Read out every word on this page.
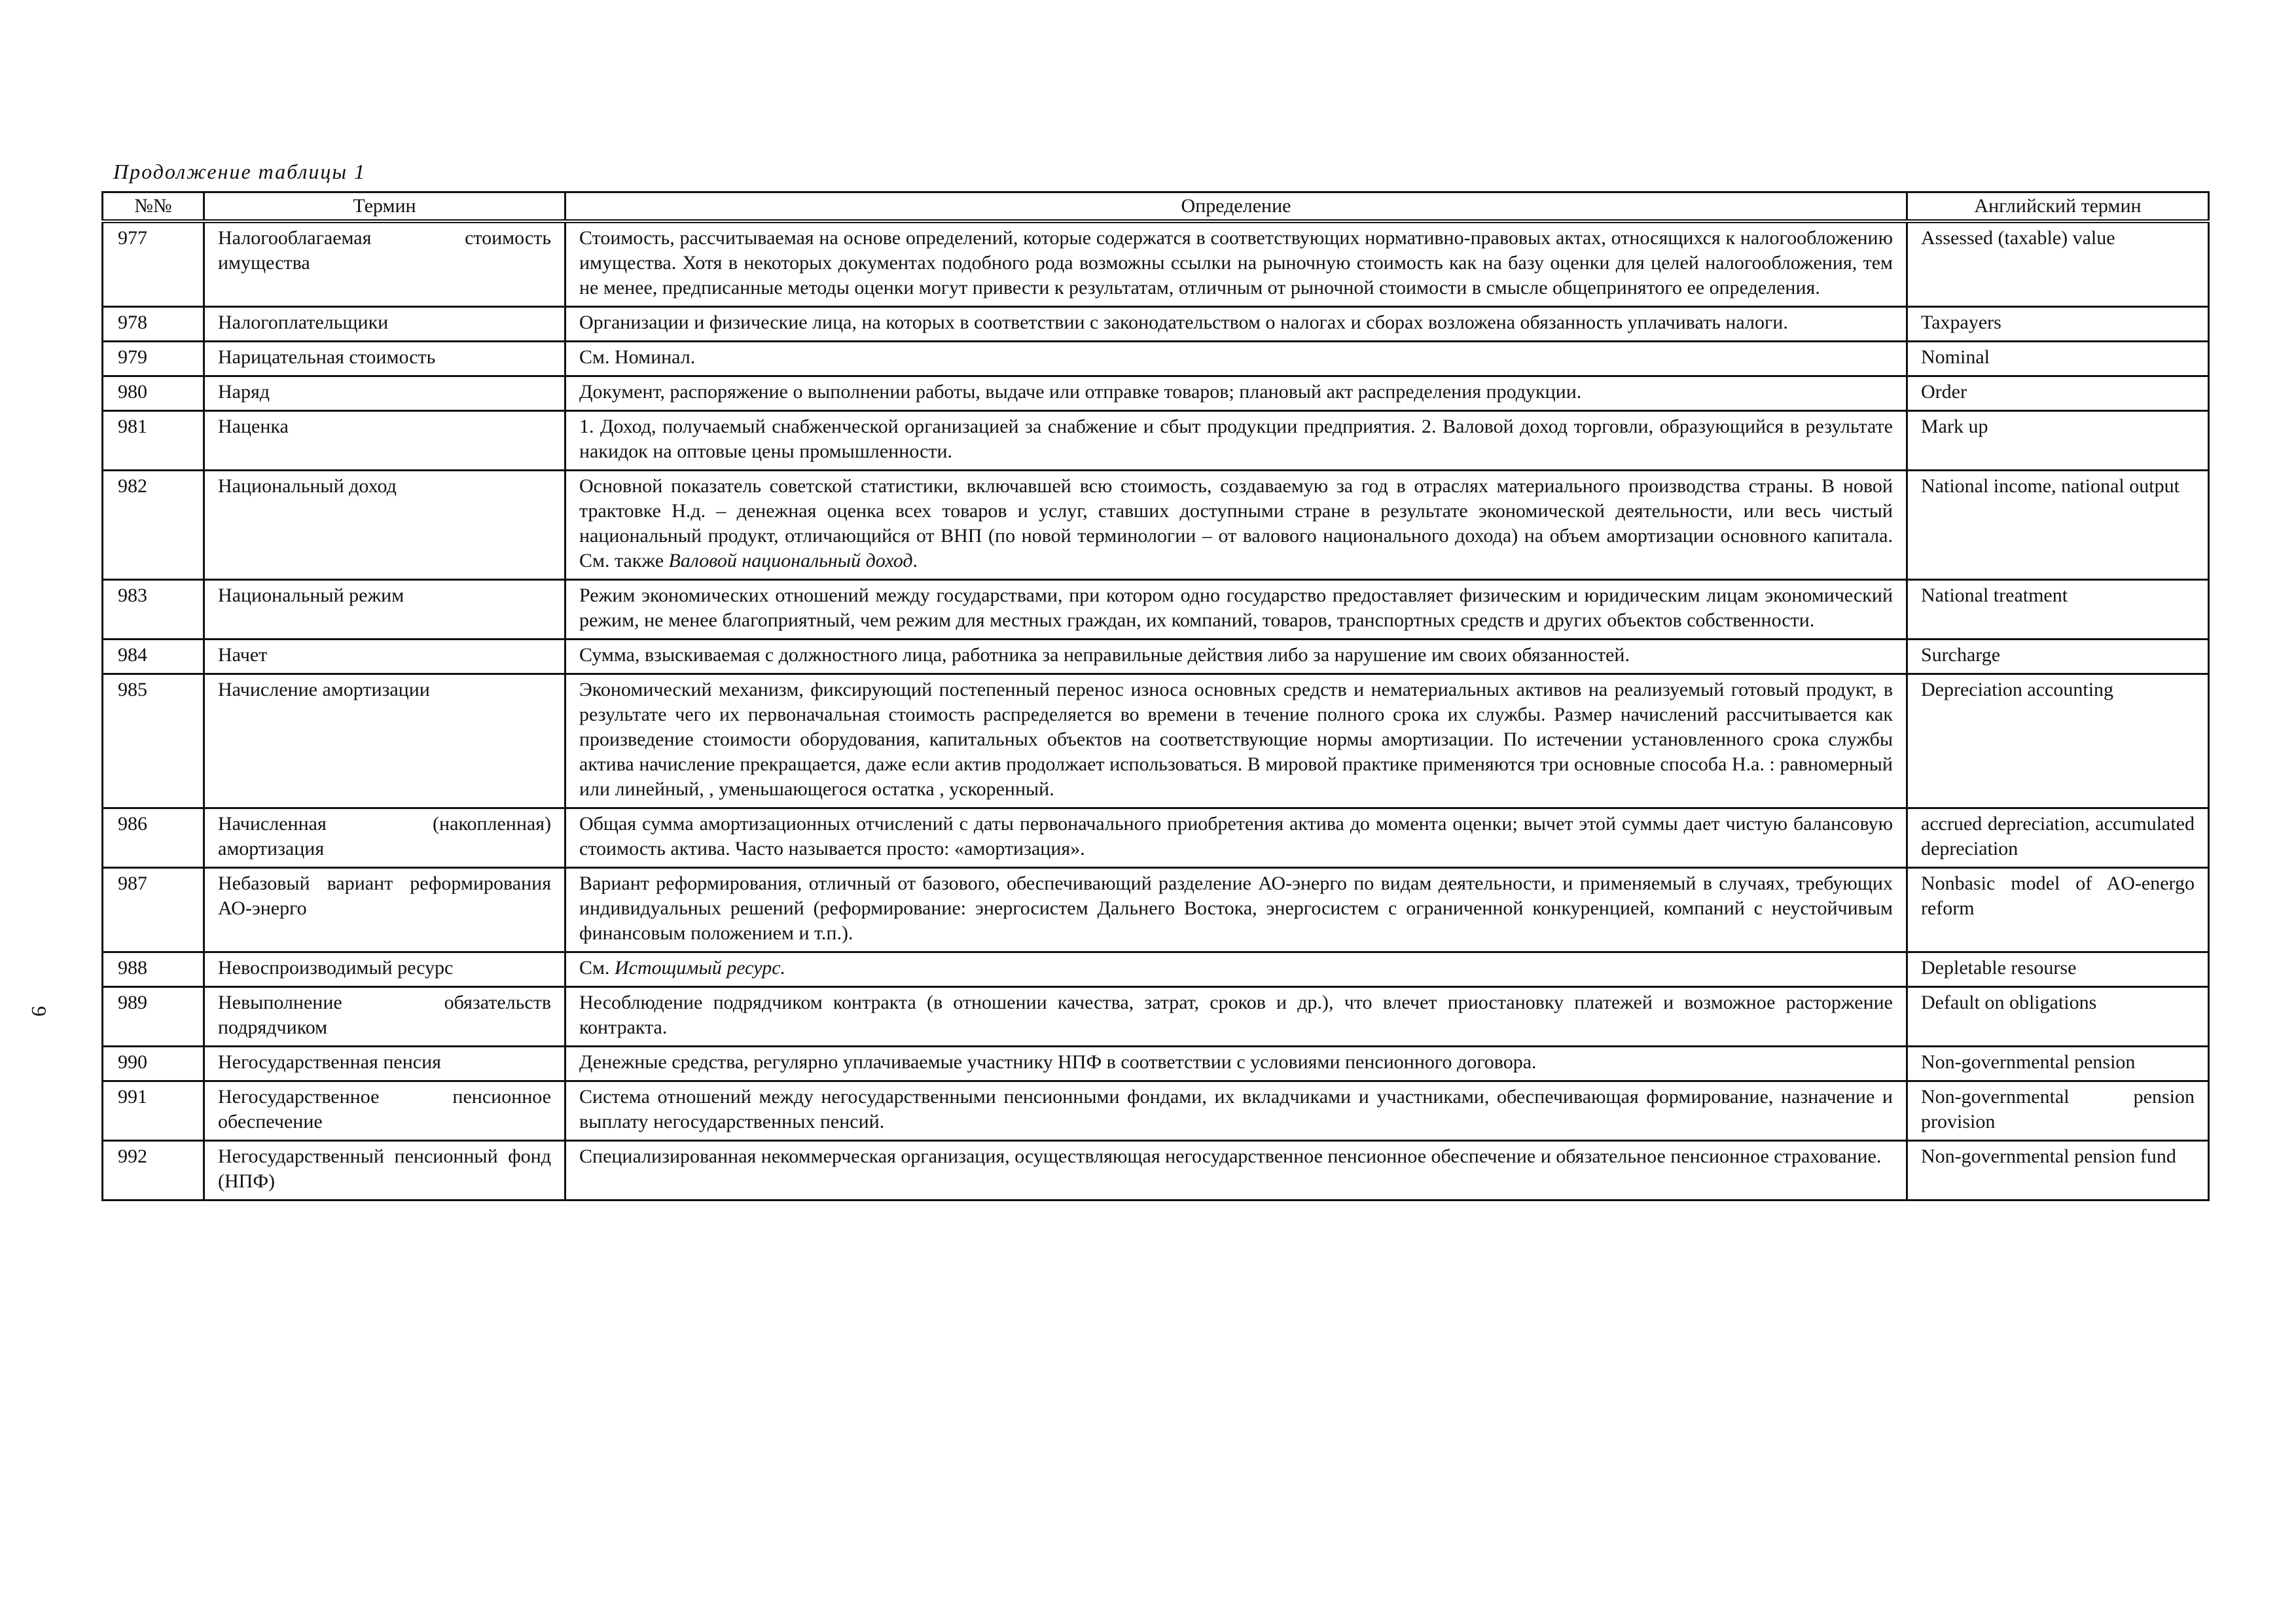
9
Продолжение таблицы 1
№№	Термин	Определение	Английский термин
977	Налогооблагаемая стоимость имущества	Стоимость, рассчитываемая на основе определений, которые содержатся в соответствующих нормативно-правовых актах, относящихся к налогообложению имущества. Хотя в некоторых документах подобного рода возможны ссылки на рыночную стоимость как на базу оценки для целей налогообложения, тем не менее, предписанные методы оценки могут привести к результатам, отличным от рыночной стоимости в смысле общепринятого ее определения.	Assessed (taxable) value
978	Налогоплательщики	Организации и физические лица, на которых в соответствии с законодательством о налогах и сборах возложена обязанность уплачивать налоги.	Taxpayers
979	Нарицательная стоимость	См. Номинал.	Nominal
980	Наряд	Документ, распоряжение о выполнении работы, выдаче или отправке товаров; плановый акт распределения продукции.	Order
981	Наценка	1. Доход, получаемый снабженческой организацией за снабжение и сбыт продукции предприятия. 2. Валовой доход торговли, образующийся в результате накидок на оптовые цены промышленности.	Mark up
982	Национальный доход	Основной показатель советской статистики, включавшей всю стоимость, создаваемую за год в отраслях материального производства страны. В новой трактовке Н.д. – денежная оценка всех товаров и услуг, ставших доступными стране в результате экономической деятельности, или весь чистый национальный продукт, отличающийся от ВНП (по новой терминологии – от валового национального дохода) на объем амортизации основного капитала. См. также Валовой национальный доход.	National income, national output
983	Национальный режим	Режим экономических отношений между государствами, при котором одно государство предоставляет физическим и юридическим лицам экономический режим, не менее благоприятный, чем режим для местных граждан, их компаний, товаров, транспортных средств и других объектов собственности.	National treatment
984	Начет	Сумма, взыскиваемая с должностного лица, работника за неправильные действия либо за нарушение им своих обязанностей.	Surcharge
985	Начисление амортизации	Экономический механизм, фиксирующий постепенный перенос износа основных средств и нематериальных активов на реализуемый готовый продукт, в результате чего их первоначальная стоимость распределяется во времени в течение полного срока их службы. Размер начислений рассчитывается как произведение стоимости оборудования, капитальных объектов на соответствующие нормы амортизации. По истечении установленного срока службы актива начисление прекращается, даже если актив продолжает использоваться. В мировой практике применяются три основные способа Н.а. : равномерный или линейный, , уменьшающегося остатка , ускоренный.	Depreciation accounting
986	Начисленная (накопленная) амортизация	Общая сумма амортизационных отчислений с даты первоначального приобретения актива до момента оценки; вычет этой суммы дает чистую балансовую стоимость актива. Часто называется просто: «амортизация».	accrued depreciation, accumulated depreciation
987	Небазовый вариант реформирования АО-энерго	Вариант реформирования, отличный от базового, обеспечивающий разделение АО-энерго по видам деятельности, и применяемый в случаях, требующих индивидуальных решений (реформирование: энергосистем Дальнего Востока, энергосистем с ограниченной конкуренцией, компаний с неустойчивым финансовым положением и т.п.).	Nonbasic model of AO-energo reform
988	Невоспроизводимый ресурс	См. Истощимый ресурс.	Depletable resourse
989	Невыполнение обязательств подрядчиком	Несоблюдение подрядчиком контракта (в отношении качества, затрат, сроков и др.), что влечет приостановку платежей и возможное расторжение контракта.	Default on obligations
990	Негосударственная пенсия	Денежные средства, регулярно уплачиваемые участнику НПФ в соответствии с условиями пенсионного договора.	Non-governmental pension
991	Негосударственное пенсионное обеспечение	Система отношений между негосударственными пенсионными фондами, их вкладчиками и участниками, обеспечивающая формирование, назначение и выплату негосударственных пенсий.	Non-governmental pension provision
992	Негосударственный пенсионный фонд (НПФ)	Специализированная некоммерческая организация, осуществляющая негосударственное пенсионное обеспечение и обязательное пенсионное страхование.	Non-governmental pension fund
